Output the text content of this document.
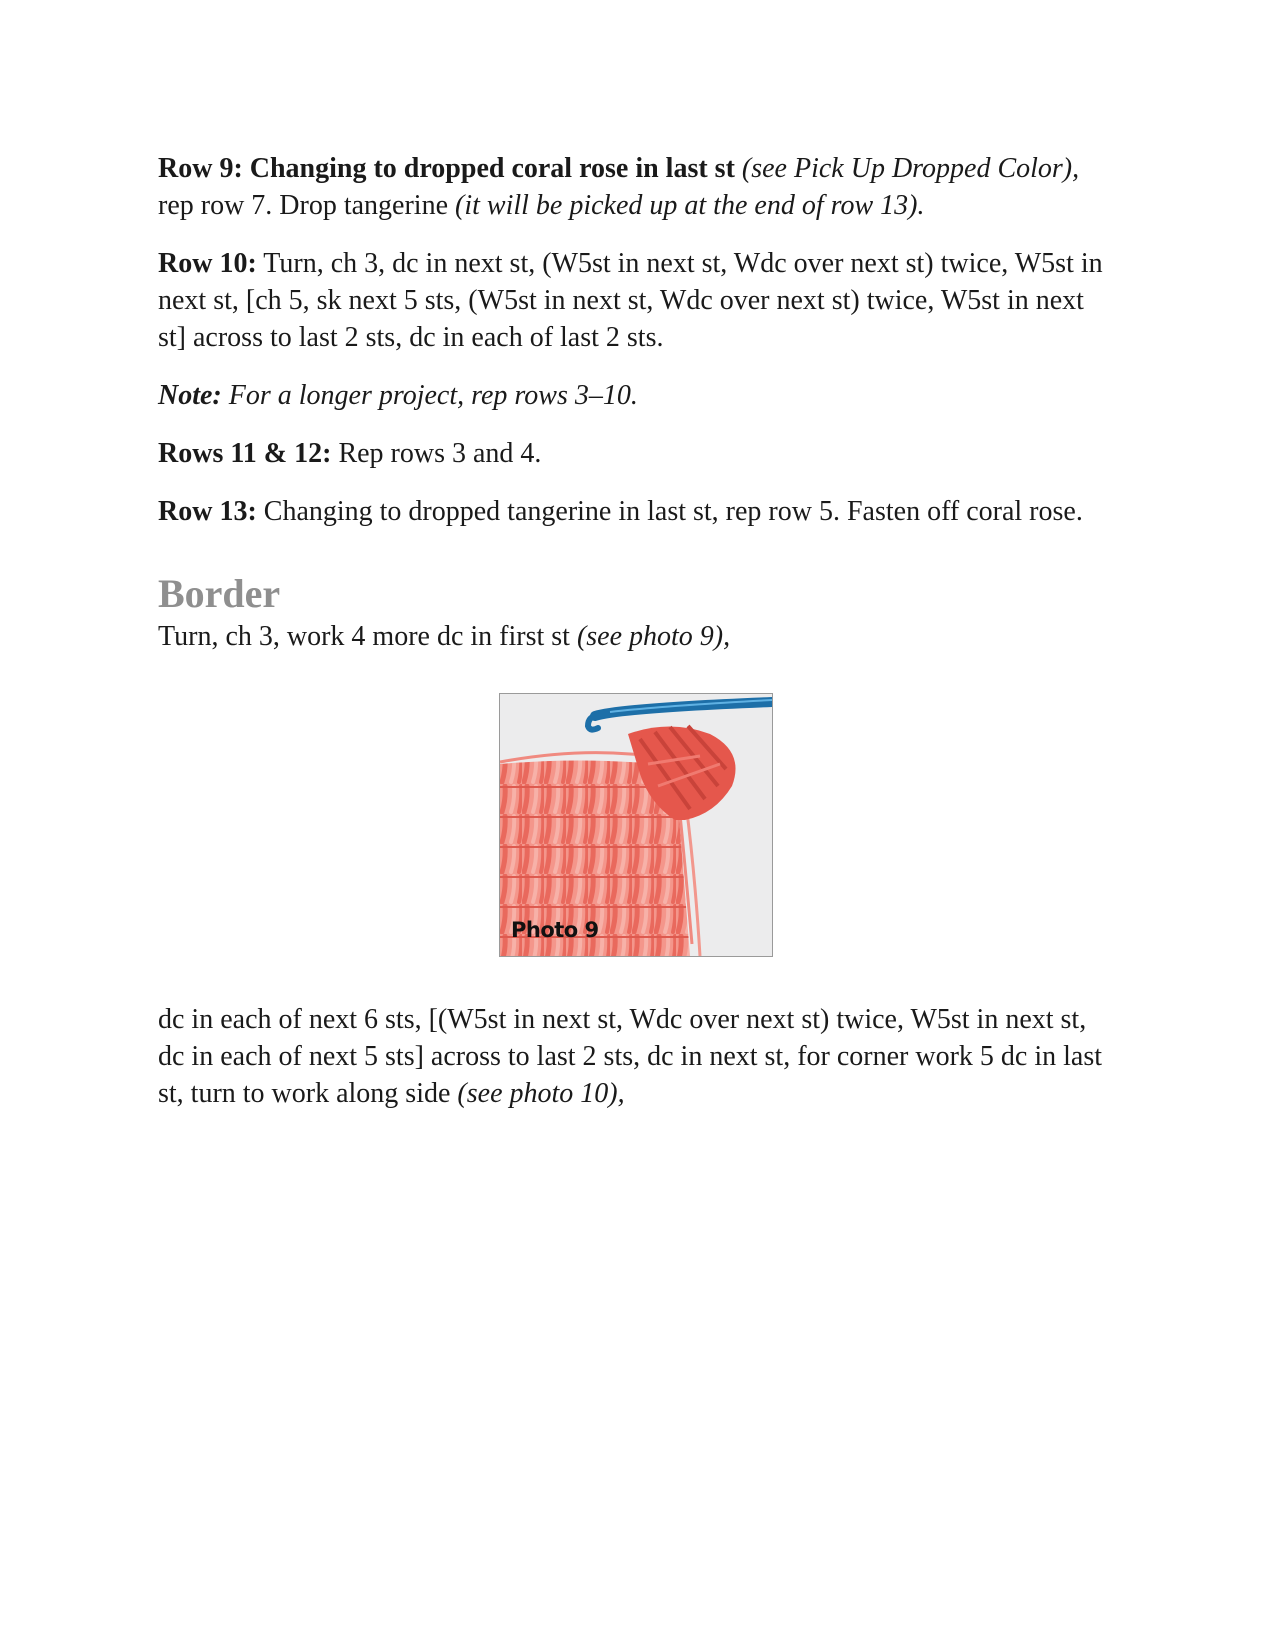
Row 9: Changing to dropped coral rose in last st (see Pick Up Dropped Color), rep row 7. Drop tangerine (it will be picked up at the end of row 13).

Row 10: Turn, ch 3, dc in next st, (W5st in next st, Wdc over next st) twice, W5st in next st, [ch 5, sk next 5 sts, (W5st in next st, Wdc over next st) twice, W5st in next st] across to last 2 sts, dc in each of last 2 sts.

Note: For a longer project, rep rows 3–10.

Rows 11 & 12: Rep rows 3 and 4.

Row 13: Changing to dropped tangerine in last st, rep row 5. Fasten off coral rose.

Border

Turn, ch 3, work 4 more dc in first st (see photo 9),

Photo 9

dc in each of next 6 sts, [(W5st in next st, Wdc over next st) twice, W5st in next st, dc in each of next 5 sts] across to last 2 sts, dc in next st, for corner work 5 dc in last st, turn to work along side (see photo 10),
